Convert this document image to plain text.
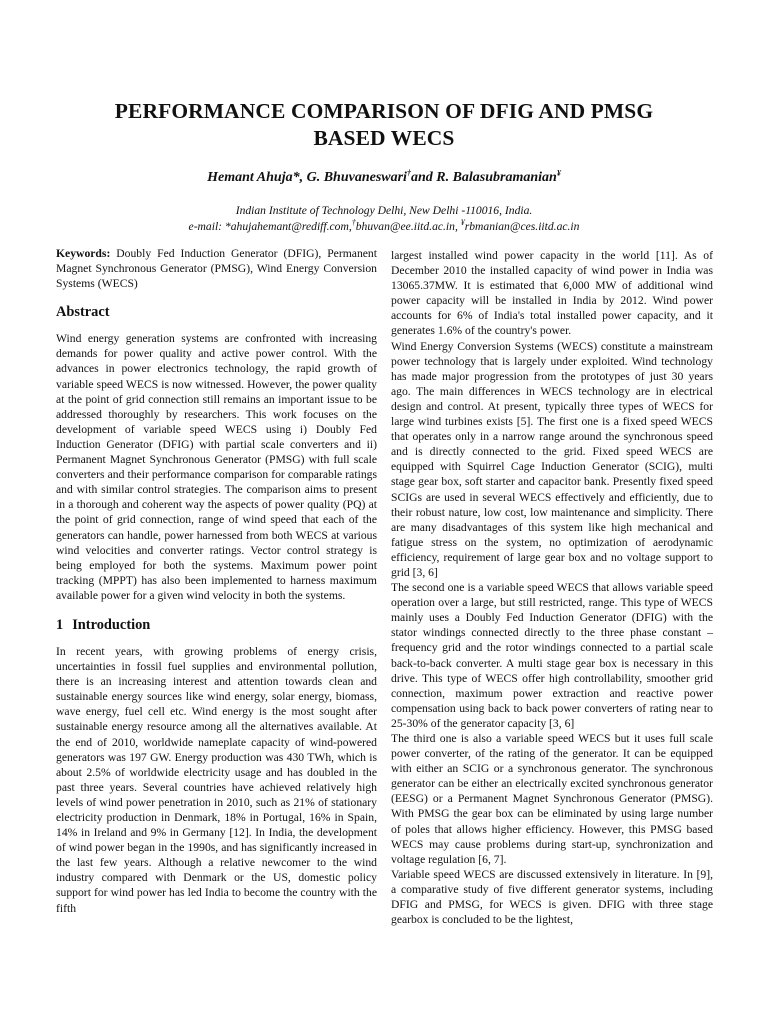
PERFORMANCE COMPARISON OF DFIG AND PMSG
BASED WECS
Hemant Ahuja*, G. Bhuvaneswari†and R. Balasubramanian¥
Indian Institute of Technology Delhi, New Delhi -110016, India.
e-mail: *ahujahemant@rediff.com,†bhuvan@ee.iitd.ac.in, ¥rbmanian@ces.iitd.ac.in

Keywords: Doubly Fed Induction Generator (DFIG), Permanent Magnet Synchronous Generator (PMSG), Wind Energy Conversion Systems (WECS)

Abstract

Wind energy generation systems are confronted with increasing demands for power quality and active power control. With the advances in power electronics technology, the rapid growth of variable speed WECS is now witnessed. However, the power quality at the point of grid connection still remains an important issue to be addressed thoroughly by researchers. This work focuses on the development of variable speed WECS using i) Doubly Fed Induction Generator (DFIG) with partial scale converters and ii) Permanent Magnet Synchronous Generator (PMSG) with full scale converters and their performance comparison for comparable ratings and with similar control strategies. The comparison aims to present in a thorough and coherent way the aspects of power quality (PQ) at the point of grid connection, range of wind speed that each of the generators can handle, power harnessed from both WECS at various wind velocities and converter ratings. Vector control strategy is being employed for both the systems. Maximum power point tracking (MPPT) has also been implemented to harness maximum available power for a given wind velocity in both the systems.

1 Introduction

In recent years, with growing problems of energy crisis, uncertainties in fossil fuel supplies and environmental pollution, there is an increasing interest and attention towards clean and sustainable energy sources like wind energy, solar energy, biomass, wave energy, fuel cell etc. Wind energy is the most sought after sustainable energy resource among all the alternatives available. At the end of 2010, worldwide nameplate capacity of wind-powered generators was 197 GW. Energy production was 430 TWh, which is about 2.5% of worldwide electricity usage and has doubled in the past three years. Several countries have achieved relatively high levels of wind power penetration in 2010, such as 21% of stationary electricity production in Denmark, 18% in Portugal, 16% in Spain, 14% in Ireland and 9% in Germany [12]. In India, the development of wind power began in the 1990s, and has significantly increased in the last few years. Although a relative newcomer to the wind industry compared with Denmark or the US, domestic policy support for wind power has led India to become the country with the fifth

largest installed wind power capacity in the world [11]. As of December 2010 the installed capacity of wind power in India was 13065.37MW. It is estimated that 6,000 MW of additional wind power capacity will be installed in India by 2012. Wind power accounts for 6% of India's total installed power capacity, and it generates 1.6% of the country's power.

Wind Energy Conversion Systems (WECS) constitute a mainstream power technology that is largely under exploited. Wind technology has made major progression from the prototypes of just 30 years ago. The main differences in WECS technology are in electrical design and control. At present, typically three types of WECS for large wind turbines exists [5]. The first one is a fixed speed WECS that operates only in a narrow range around the synchronous speed and is directly connected to the grid. Fixed speed WECS are equipped with Squirrel Cage Induction Generator (SCIG), multi stage gear box, soft starter and capacitor bank. Presently fixed speed SCIGs are used in several WECS effectively and efficiently, due to their robust nature, low cost, low maintenance and simplicity. There are many disadvantages of this system like high mechanical and fatigue stress on the system, no optimization of aerodynamic efficiency, requirement of large gear box and no voltage support to grid [3, 6]

The second one is a variable speed WECS that allows variable speed operation over a large, but still restricted, range. This type of WECS mainly uses a Doubly Fed Induction Generator (DFIG) with the stator windings connected directly to the three phase constant – frequency grid and the rotor windings connected to a partial scale back-to-back converter. A multi stage gear box is necessary in this drive. This type of WECS offer high controllability, smoother grid connection, maximum power extraction and reactive power compensation using back to back power converters of rating near to 25-30% of the generator capacity [3, 6]

The third one is also a variable speed WECS but it uses full scale power converter, of the rating of the generator. It can be equipped with either an SCIG or a synchronous generator. The synchronous generator can be either an electrically excited synchronous generator (EESG) or a Permanent Magnet Synchronous Generator (PMSG). With PMSG the gear box can be eliminated by using large number of poles that allows higher efficiency. However, this PMSG based WECS may cause problems during start-up, synchronization and voltage regulation [6, 7].

Variable speed WECS are discussed extensively in literature. In [9], a comparative study of five different generator systems, including DFIG and PMSG, for WECS is given. DFIG with three stage gearbox is concluded to be the lightest,
